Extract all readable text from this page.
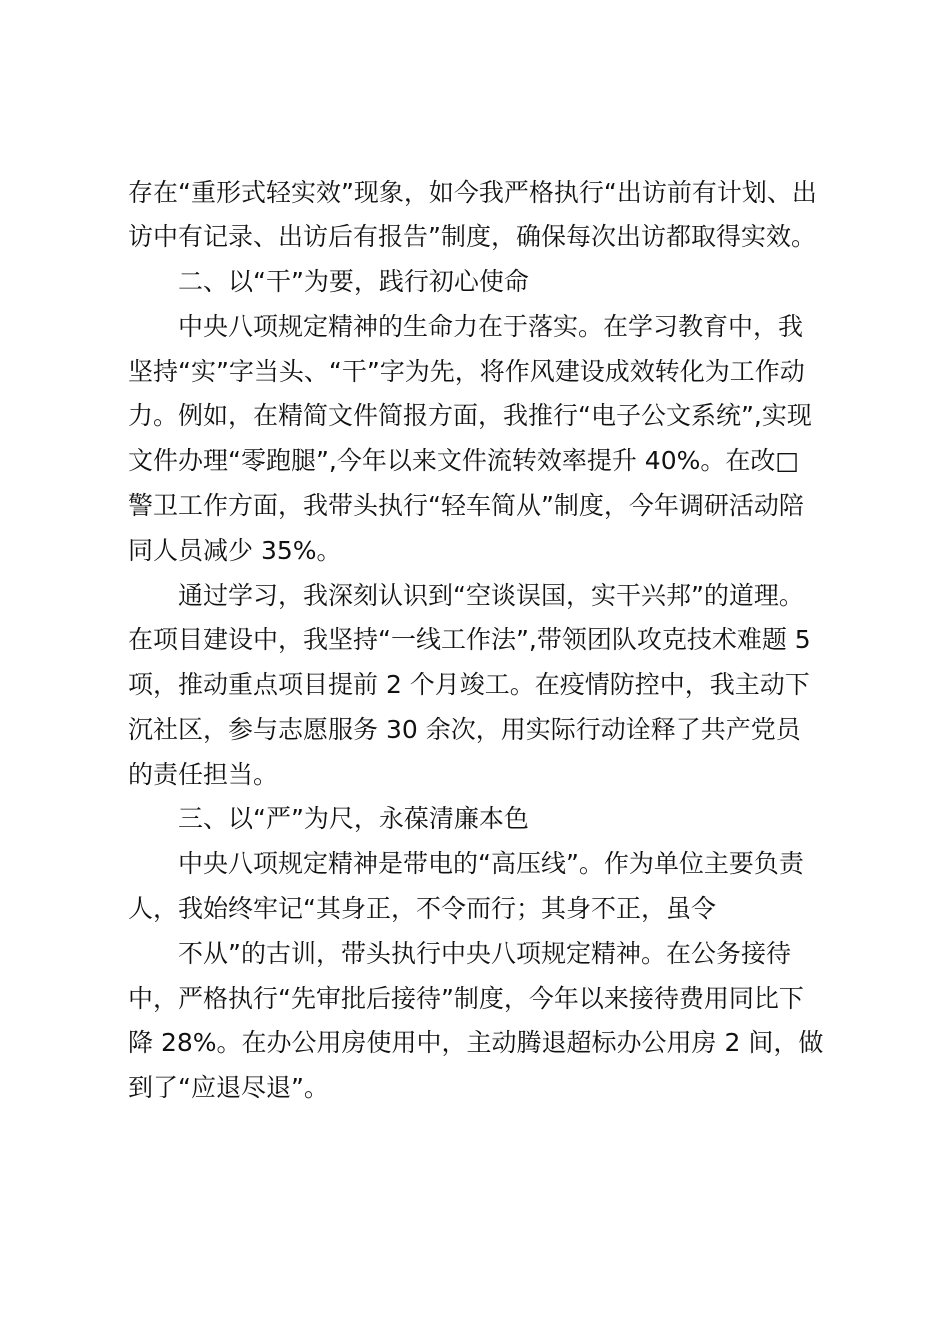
存在“重形式轻实效”现象，如今我严格执行“出访前有计划、出
访中有记录、出访后有报告”制度，确保每次出访都取得实效。
二、以“干”为要，践行初心使命
中央八项规定精神的生命力在于落实。在学习教育中，我
坚持“实”字当头、“干”字为先，将作风建设成效转化为工作动
力。例如，在精简文件简报方面，我推行“电子公文系统”,实现
文件办理“零跑腿”,今年以来文件流转效率提升 40%。在改□
警卫工作方面，我带头执行“轻车简从”制度，今年调研活动陪
同人员减少 35%。
通过学习，我深刻认识到“空谈误国，实干兴邦”的道理。
在项目建设中，我坚持“一线工作法”,带领团队攻克技术难题 5
项，推动重点项目提前 2 个月竣工。在疫情防控中，我主动下
沉社区，参与志愿服务 30 余次，用实际行动诠释了共产党员
的责任担当。
三、以“严”为尺，永葆清廉本色
中央八项规定精神是带电的“高压线”。作为单位主要负责
人，我始终牢记“其身正，不令而行；其身不正，虽令
不从”的古训，带头执行中央八项规定精神。在公务接待
中，严格执行“先审批后接待”制度，今年以来接待费用同比下
降 28%。在办公用房使用中，主动腾退超标办公用房 2 间，做
到了“应退尽退”。
